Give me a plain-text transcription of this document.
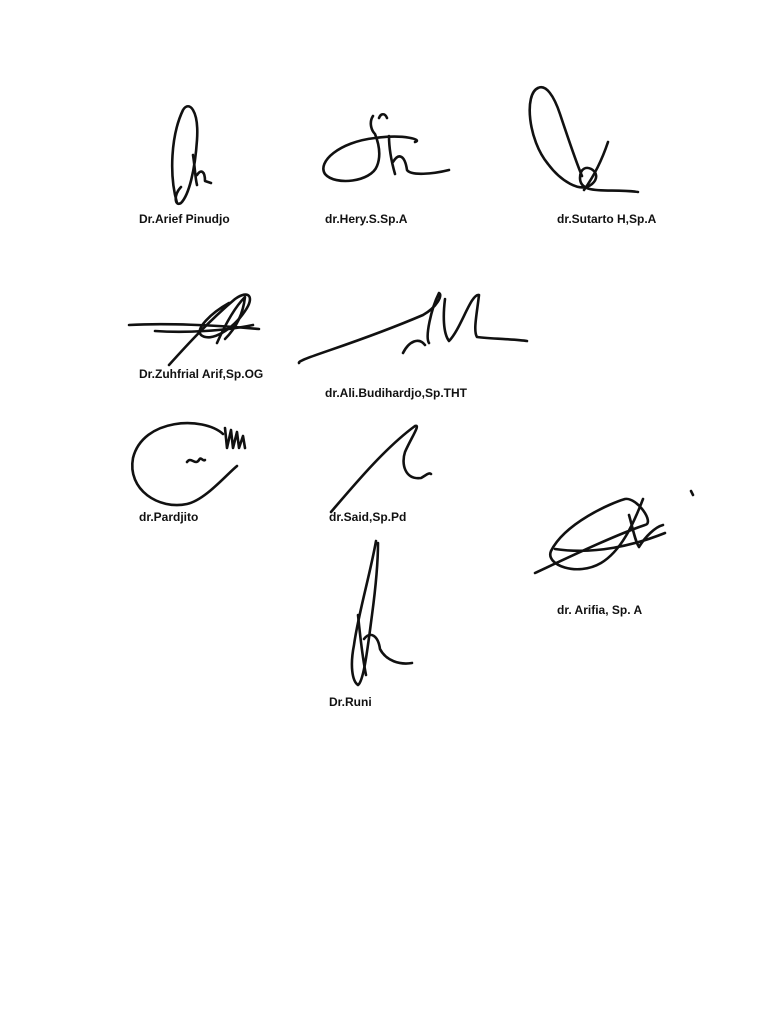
Dr.Arief Pinudjo	dr.Hery.S.Sp.A	dr.Sutarto H,Sp.A
Dr.Zuhfrial Arif,Sp.OG
dr.Ali.Budihardjo,Sp.THT
dr.Pardjito	dr.Said,Sp.Pd
dr. Arifia, Sp. A
Dr.Runi
